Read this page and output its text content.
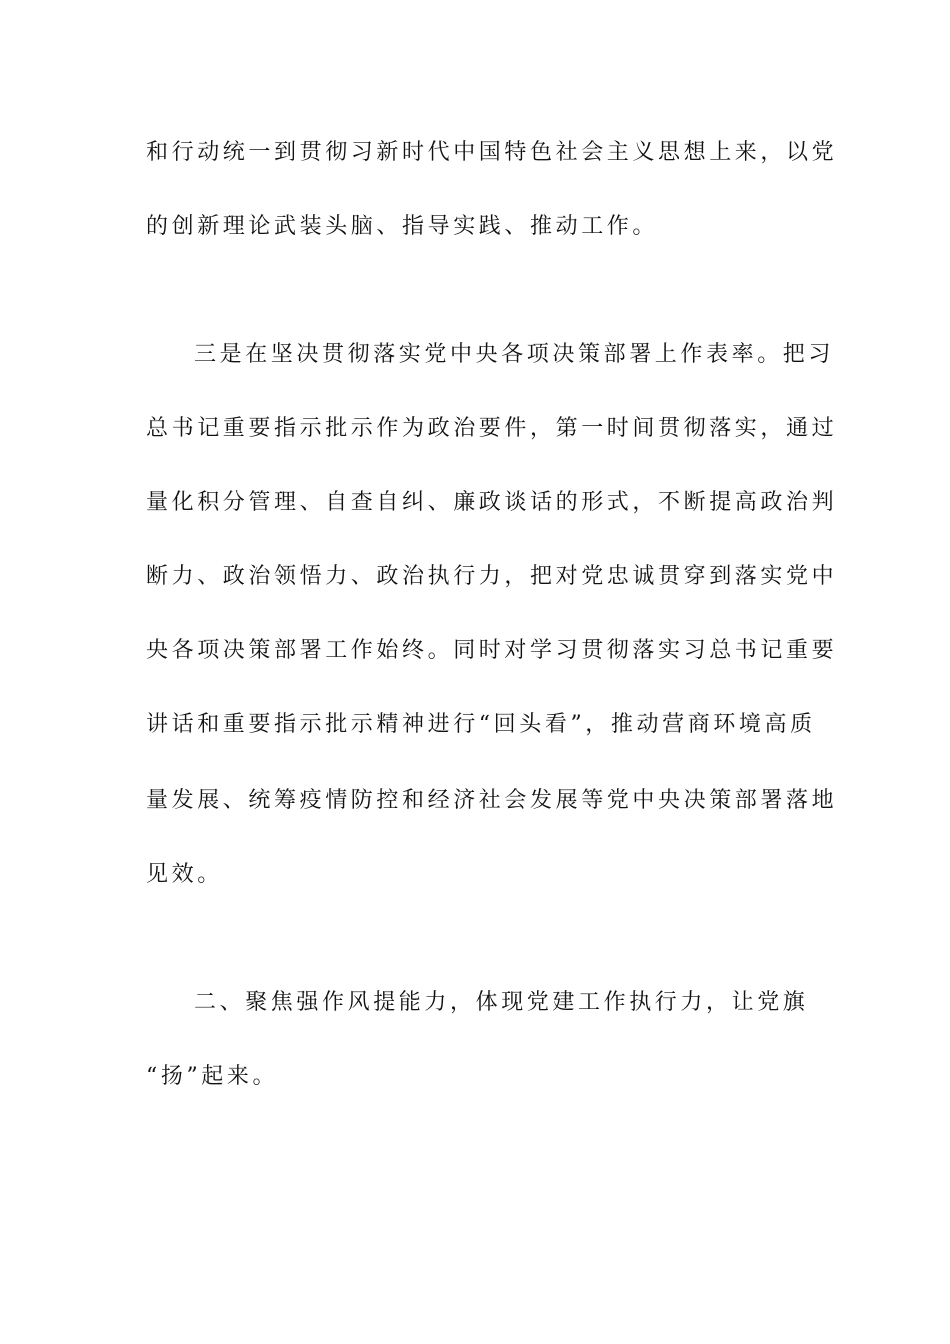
和行动统一到贯彻习新时代中国特色社会主义思想上来，以党
的创新理论武装头脑、指导实践、推动工作。
三是在坚决贯彻落实党中央各项决策部署上作表率。把习
总书记重要指示批示作为政治要件，第一时间贯彻落实，通过
量化积分管理、自查自纠、廉政谈话的形式，不断提高政治判
断力、政治领悟力、政治执行力，把对党忠诚贯穿到落实党中
央各项决策部署工作始终。同时对学习贯彻落实习总书记重要
讲话和重要指示批示精神进行“回头看”，推动营商环境高质
量发展、统筹疫情防控和经济社会发展等党中央决策部署落地
见效。
二、聚焦强作风提能力，体现党建工作执行力，让党旗
“扬”起来。
